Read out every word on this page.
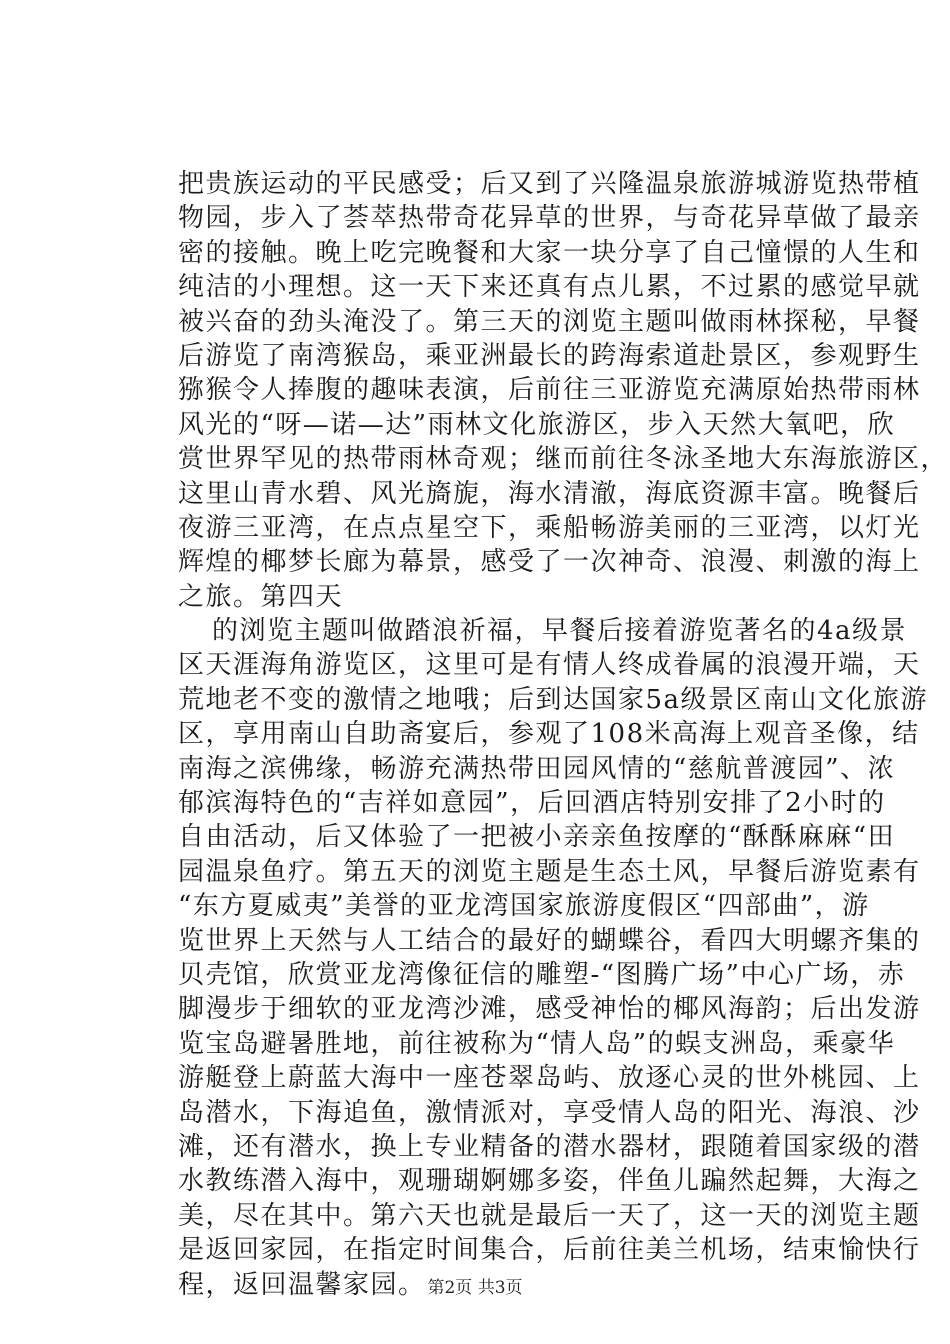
把贵族运动的平民感受；后又到了兴隆温泉旅游城游览热带植
物园，步入了荟萃热带奇花异草的世界，与奇花异草做了最亲
密的接触。晚上吃完晚餐和大家一块分享了自己憧憬的人生和
纯洁的小理想。这一天下来还真有点儿累，不过累的感觉早就
被兴奋的劲头淹没了。第三天的浏览主题叫做雨林探秘，早餐
后游览了南湾猴岛，乘亚洲最长的跨海索道赴景区，参观野生
猕猴令人捧腹的趣味表演，后前往三亚游览充满原始热带雨林
风光的“呀—诺—达”雨林文化旅游区，步入天然大氧吧，欣
赏世界罕见的热带雨林奇观；继而前往冬泳圣地大东海旅游区，
这里山青水碧、风光旖旎，海水清澈，海底资源丰富。晚餐后
夜游三亚湾，在点点星空下，乘船畅游美丽的三亚湾，以灯光
辉煌的椰梦长廊为幕景，感受了一次神奇、浪漫、刺激的海上
之旅。第四天
的浏览主题叫做踏浪祈福，早餐后接着游览著名的4a级景
区天涯海角游览区，这里可是有情人终成眷属的浪漫开端，天
荒地老不变的激情之地哦；后到达国家5a级景区南山文化旅游
区，享用南山自助斋宴后，参观了108米高海上观音圣像，结
南海之滨佛缘，畅游充满热带田园风情的“慈航普渡园”、浓
郁滨海特色的“吉祥如意园”，后回酒店特别安排了2小时的
自由活动，后又体验了一把被小亲亲鱼按摩的“酥酥麻麻“田
园温泉鱼疗。第五天的浏览主题是生态土风，早餐后游览素有
“东方夏威夷”美誉的亚龙湾国家旅游度假区“四部曲”，游
览世界上天然与人工结合的最好的蝴蝶谷，看四大明螺齐集的
贝壳馆，欣赏亚龙湾像征信的雕塑-“图腾广场”中心广场，赤
脚漫步于细软的亚龙湾沙滩，感受神怡的椰风海韵；后出发游
览宝岛避暑胜地，前往被称为“情人岛”的蜈支洲岛，乘豪华
游艇登上蔚蓝大海中一座苍翠岛屿、放逐心灵的世外桃园、上
岛潜水，下海追鱼，激情派对，享受情人岛的阳光、海浪、沙
滩，还有潜水，换上专业精备的潜水器材，跟随着国家级的潜
水教练潜入海中，观珊瑚婀娜多姿，伴鱼儿蹁然起舞，大海之
美，尽在其中。第六天也就是最后一天了，这一天的浏览主题
是返回家园，在指定时间集合，后前往美兰机场，结束愉快行
程，返回温馨家园。 第2页 共3页
